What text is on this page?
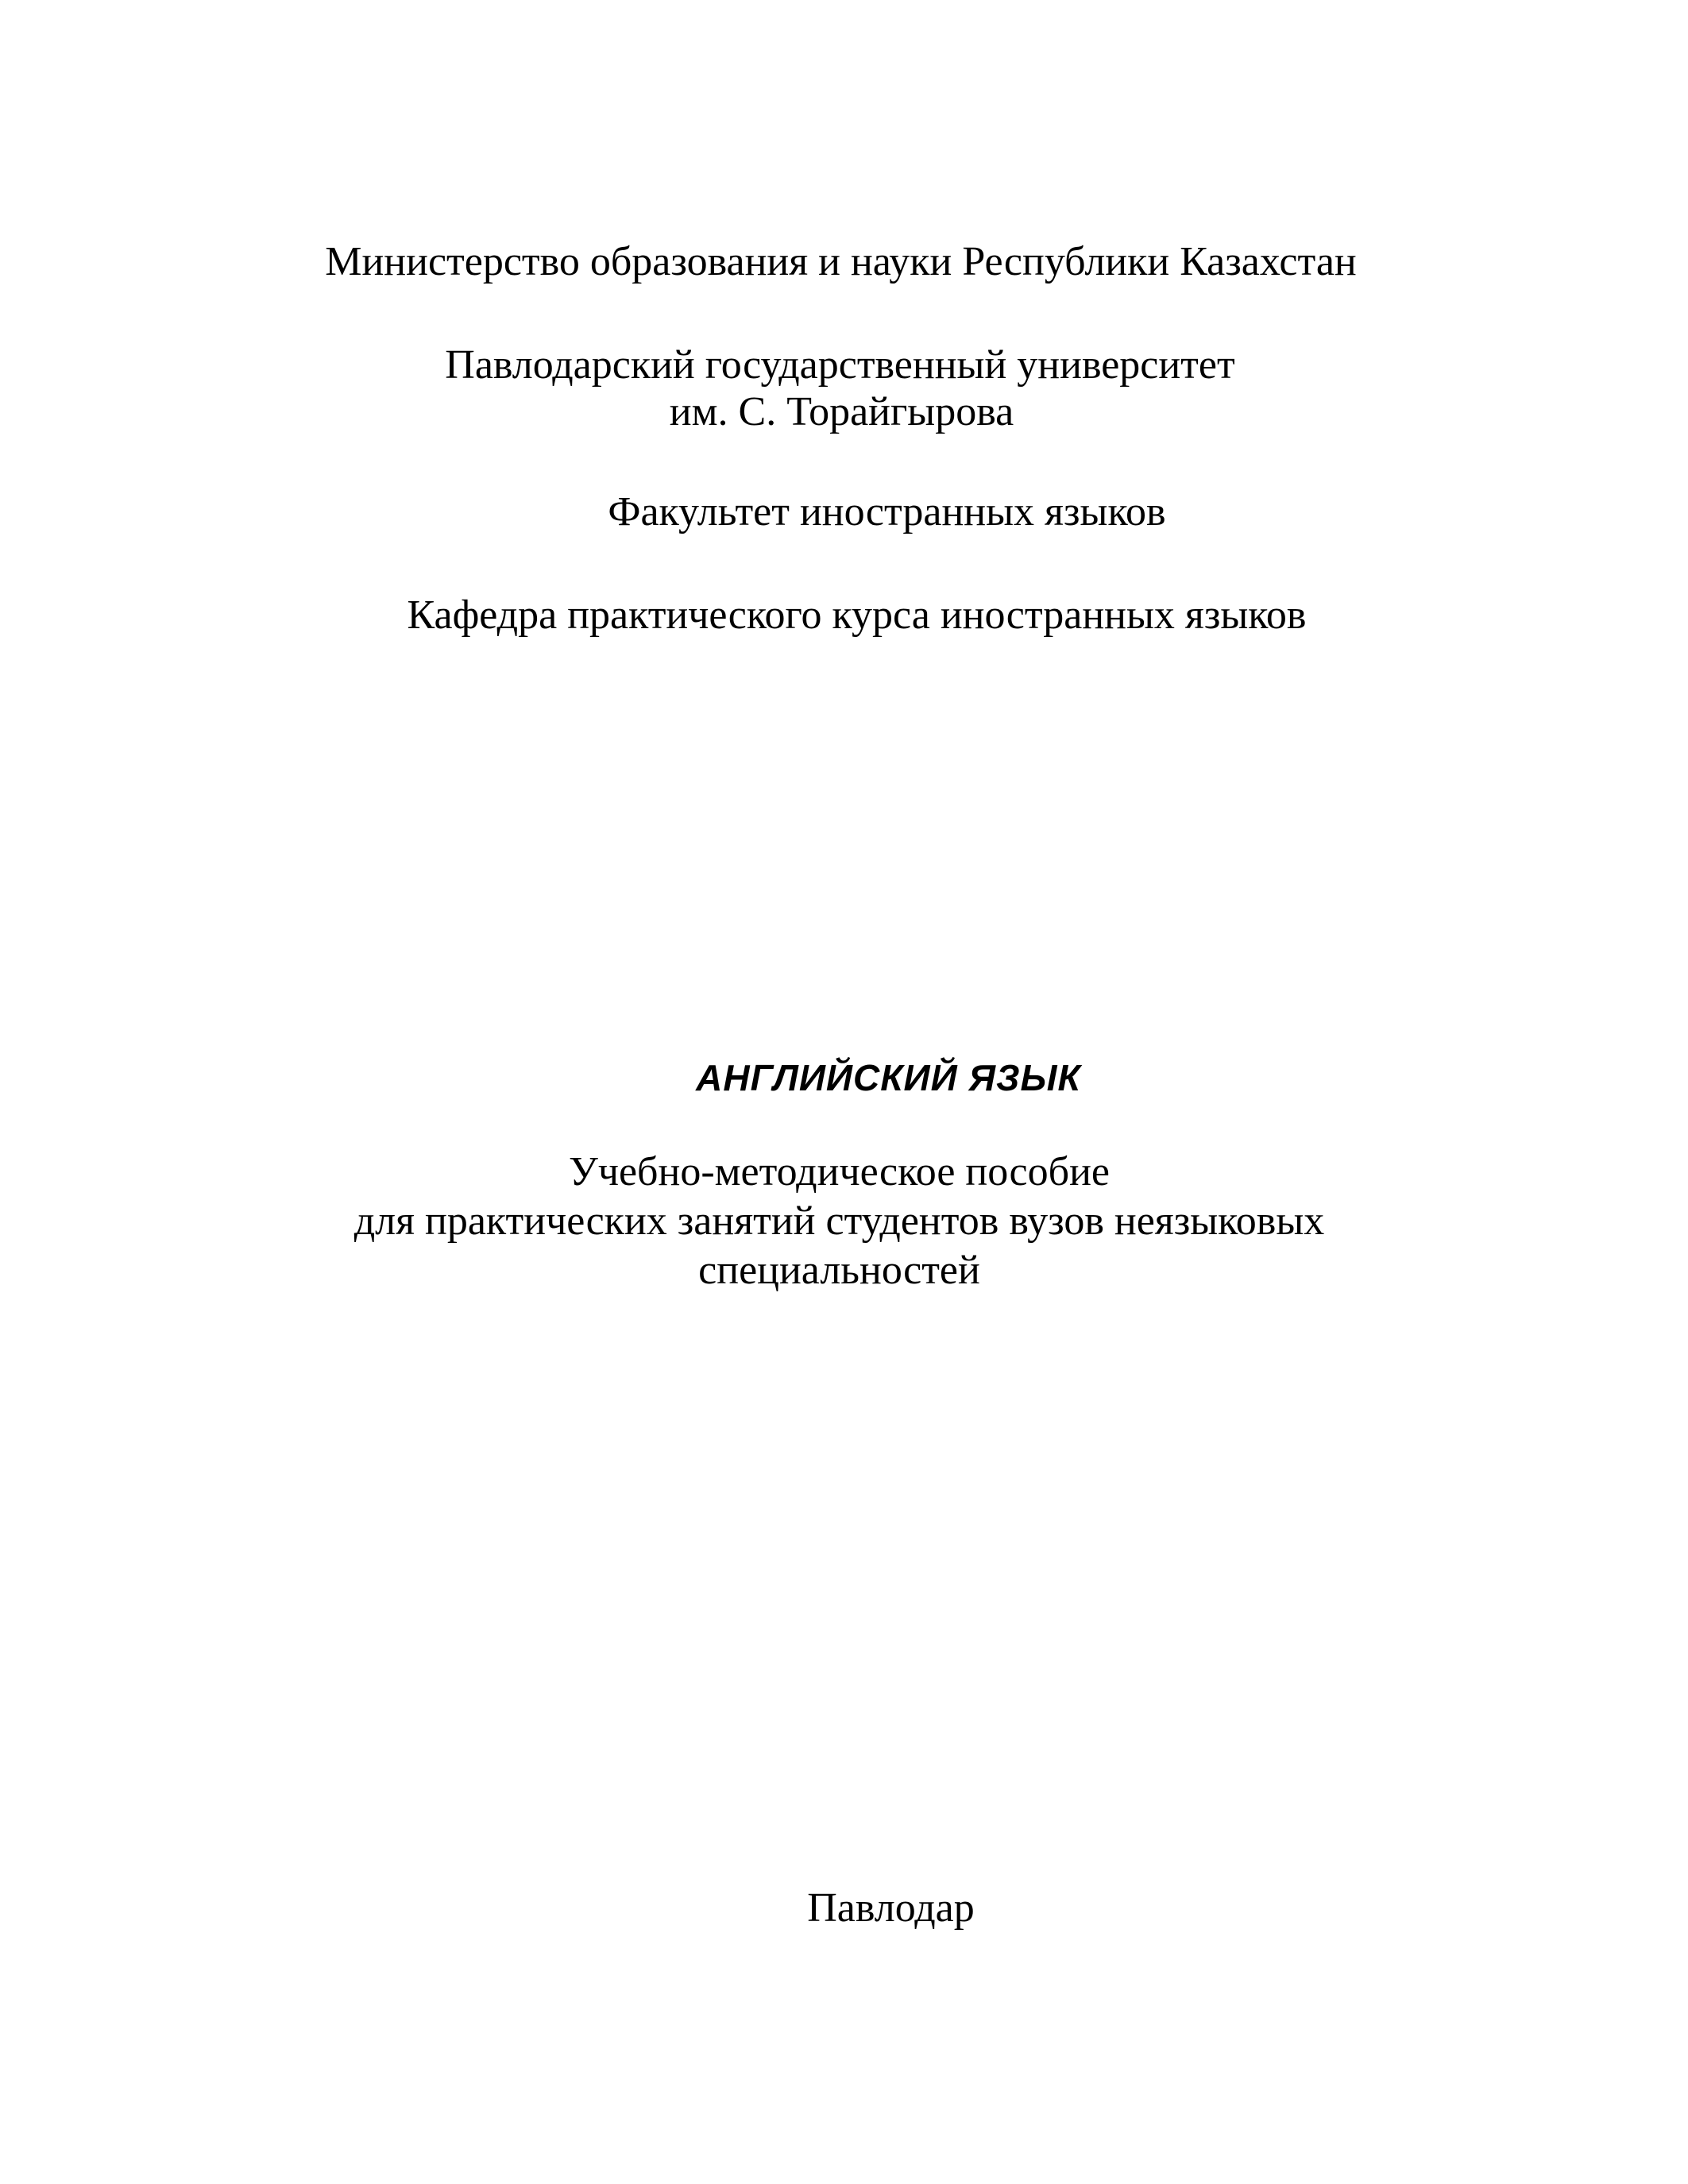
Министерство образования и науки Республики Казахстан

Павлодарский государственный университет

им. С. Торайгырова

Факультет иностранных языков

Кафедра практического курса иностранных языков

АНГЛИЙСКИЙ ЯЗЫК

Учебно-методическое пособие

для практических занятий студентов вузов неязыковых

специальностей

Павлодар
